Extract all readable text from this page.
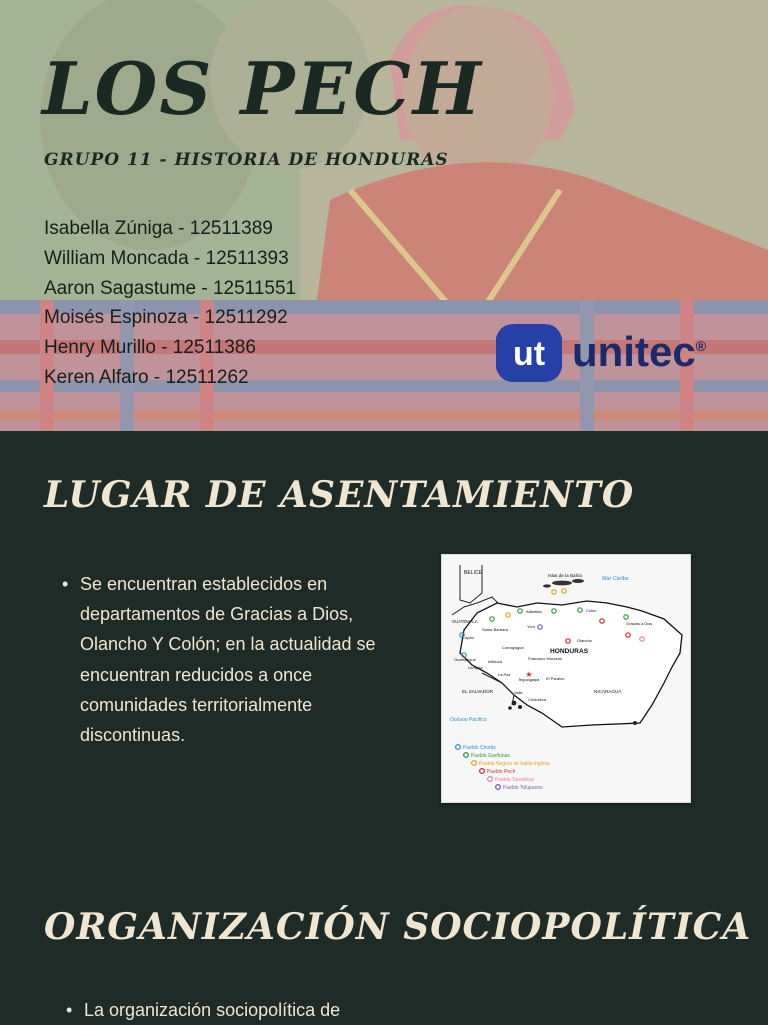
LOS PECH

GRUPO 11 - HISTORIA DE HONDURAS

Isabella Zúniga - 12511389
William Moncada - 12511393
Aaron Sagastume - 12511551
Moisés Espinoza - 12511292
Henry Murillo - 12511386
Keren Alfaro - 12511262
ut unitec®
LUGAR DE ASENTAMIENTO
• Se encuentran establecidos en
departamentos de Gracias a Dios,
Olancho Y Colón; en la actualidad se
encuentran reducidos a once
comunidades territorialmente
discontinuas.
BELICE	Islas de la Bahía
Mar Caribe
GUATEMALA
HONDURAS
EL SALVADOR	NICARAGUA
Océano Pacífico
Atlántida	Colón
Gracias a Dios
Yoro
Olancho
Santa Bárbara
Copán
Comayagua
Ocotepeque	Intibucá
Francisco Morazán
Lempira
La Paz
Tegucigalpa El Paraíso
Valle
Choluteca
★
Pueblo Chortis
Pueblo Garífunas
Pueblo Negros de habla inglesa
Pueblo Pech
Pueblo Tawahkas
Pueblo Tolupanes
ORGANIZACIÓN SOCIOPOLÍTICA
• La organización sociopolítica de
